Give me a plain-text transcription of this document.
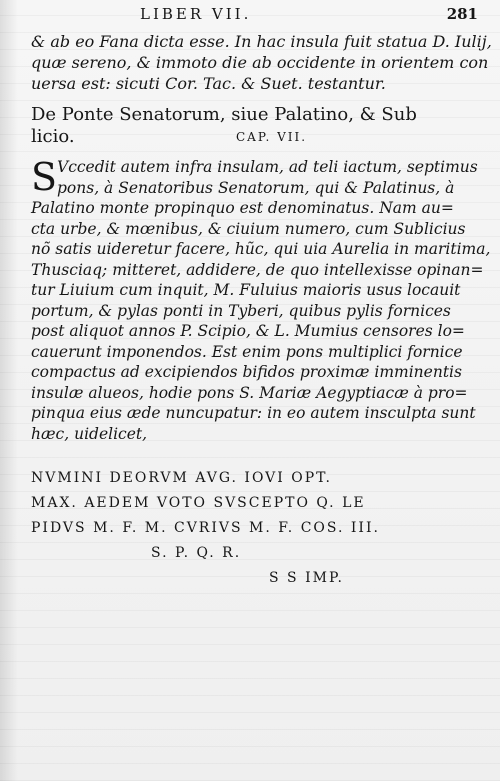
LIBER VII.	281
& ab eo Fana dicta esse. In hac insula fuit statua D. Iulij,
quæ sereno, & immoto die ab occidente in orientem con
uersa est: sicuti Cor. Tac. & Suet. testantur.
De Ponte Senatorum, siue Palatino, & Sub
licio.	CAP. VII.
S Vccedit autem infra insulam, ad teli iactum, septimus
pons, à Senatoribus Senatorum, qui & Palatinus, à
Palatino monte propinquo est denominatus. Nam au=
cta urbe, & mœnibus, & ciuium numero, cum Sublicius
nõ satis uideretur facere, hũc, qui uia Aurelia in maritima,
Thusciaq; mitteret, addidere, de quo intellexisse opinan=
tur Liuium cum inquit, M. Fuluius maioris usus locauit
portum, & pylas ponti in Tyberi, quibus pylis fornices
post aliquot annos P. Scipio, & L. Mumius censores lo=
cauerunt imponendos. Est enim pons multiplici fornice
compactus ad excipiendos bifidos proximæ imminentis
insulæ alueos, hodie pons S. Mariæ Aegyptiacæ à pro=
pinqua eius æde nuncupatur: in eo autem insculpta sunt
hæc, uidelicet,
NVMINI DEORVM AVG. IOVI OPT.
MAX. AEDEM VOTO SVSCEPTO Q. LE
PIDVS M. F. M. CVRIVS M. F. COS. III.
S. P. Q. R.
S S IMP.
